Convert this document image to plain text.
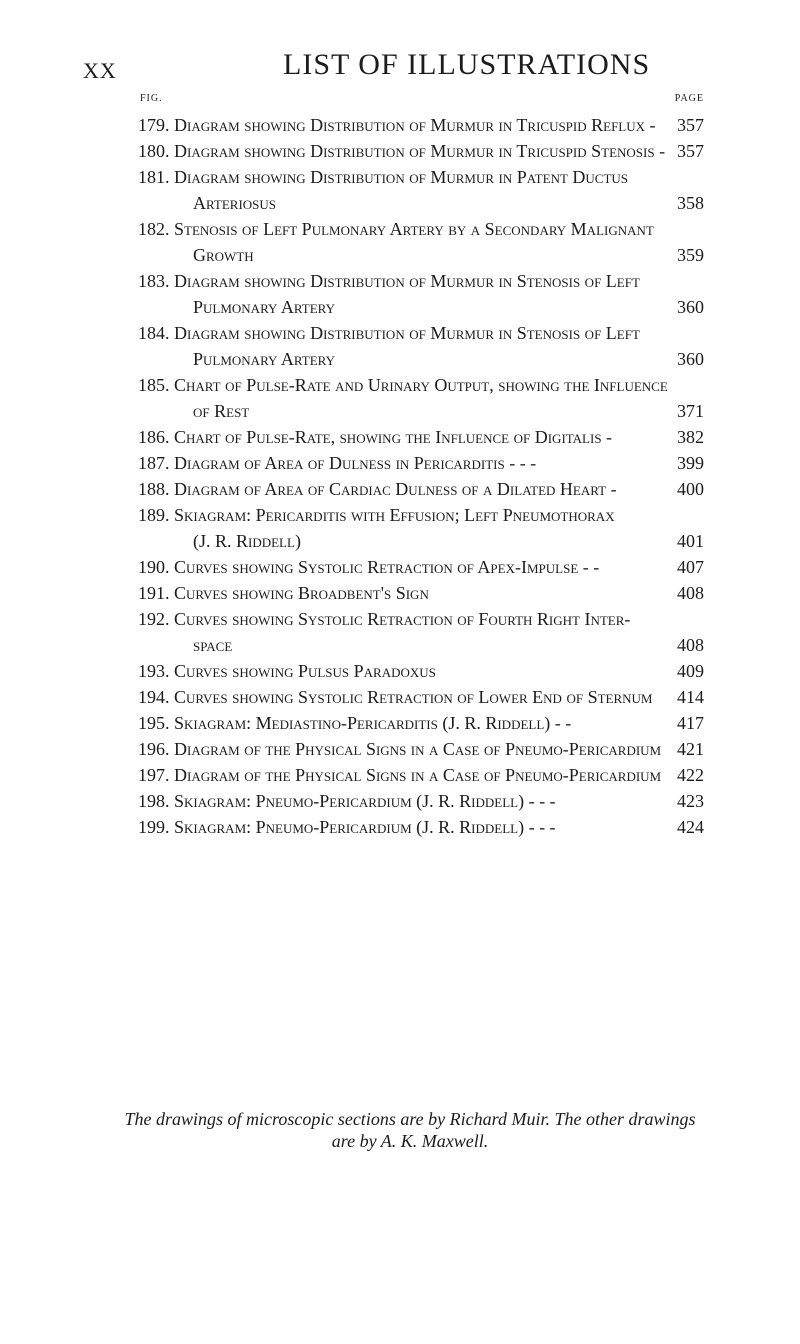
XX	LIST OF ILLUSTRATIONS
FIG.	PAGE
179. Diagram showing Distribution of Murmur in Tricuspid Reflux - 357
180. Diagram showing Distribution of Murmur in Tricuspid Stenosis - 357
181. Diagram showing Distribution of Murmur in Patent Ductus
Arteriosus	358
182. Stenosis of Left Pulmonary Artery by a Secondary Malignant
Growth	359
183. Diagram showing Distribution of Murmur in Stenosis of Left
Pulmonary Artery	360
184. Diagram showing Distribution of Murmur in Stenosis of Left
Pulmonary Artery	360
185. Chart of Pulse-Rate and Urinary Output, showing the Influence
of Rest	371
186. Chart of Pulse-Rate, showing the Influence of Digitalis -	382
187. Diagram of Area of Dulness in Pericarditis - - -	399
188. Diagram of Area of Cardiac Dulness of a Dilated Heart -	400
189. Skiagram: Pericarditis with Effusion; Left Pneumothorax
(J. R. Riddell)	401
190. Curves showing Systolic Retraction of Apex-Impulse - -	407
191. Curves showing Broadbent's Sign	408
192. Curves showing Systolic Retraction of Fourth Right Inter-
space	408
193. Curves showing Pulsus Paradoxus	409
194. Curves showing Systolic Retraction of Lower End of Sternum 414
195. Skiagram: Mediastino-Pericarditis (J. R. Riddell) - -	417
196. Diagram of the Physical Signs in a Case of Pneumo-Pericardium 421
197. Diagram of the Physical Signs in a Case of Pneumo-Pericardium 422
198. Skiagram: Pneumo-Pericardium (J. R. Riddell) - - -	423
199. Skiagram: Pneumo-Pericardium (J. R. Riddell) - - -	424
The drawings of microscopic sections are by Richard Muir. The other drawings are by A. K. Maxwell.
